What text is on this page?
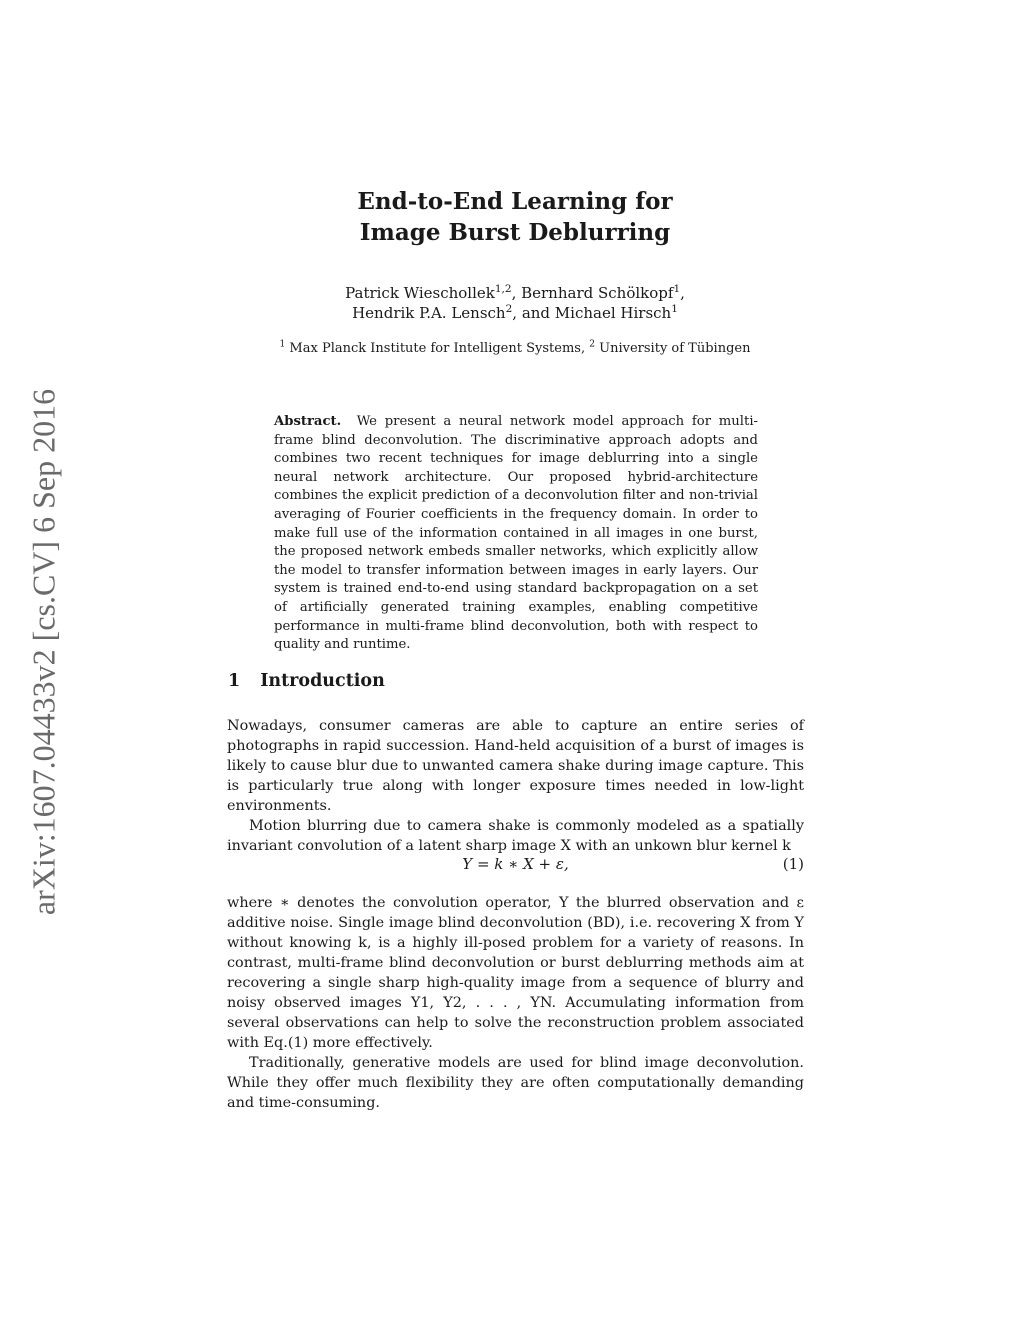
arXiv:1607.04433v2 [cs.CV] 6 Sep 2016
End-to-End Learning for
Image Burst Deblurring
Patrick Wieschollek$^{1,2}$, Bernhard Schölkopf$^1$,
Hendrik P.A. Lensch$^2$, and Michael Hirsch$^1$
$^1$ Max Planck Institute for Intelligent Systems, $^2$ University of Tübingen
Abstract. We present a neural network model approach for multi-frame blind deconvolution. The discriminative approach adopts and combines two recent techniques for image deblurring into a single neural network architecture. Our proposed hybrid-architecture combines the explicit prediction of a deconvolution filter and non-trivial averaging of Fourier coefficients in the frequency domain. In order to make full use of the information contained in all images in one burst, the proposed network embeds smaller networks, which explicitly allow the model to transfer information between images in early layers. Our system is trained end-to-end using standard backpropagation on a set of artificially generated training examples, enabling competitive performance in multi-frame blind deconvolution, both with respect to quality and runtime.
1 Introduction

Nowadays, consumer cameras are able to capture an entire series of photographs in rapid succession. Hand-held acquisition of a burst of images is likely to cause blur due to unwanted camera shake during image capture. This is particularly true along with longer exposure times needed in low-light environments.

Motion blurring due to camera shake is commonly modeled as a spatially invariant convolution of a latent sharp image X with an unkown blur kernel k

Y = k ∗ X + ε,	(1)

where ∗ denotes the convolution operator, Y the blurred observation and ε additive noise. Single image blind deconvolution (BD), i.e. recovering X from Y without knowing k, is a highly ill-posed problem for a variety of reasons. In contrast, multi-frame blind deconvolution or burst deblurring methods aim at recovering a single sharp high-quality image from a sequence of blurry and noisy observed images Y1, Y2, . . . , YN. Accumulating information from several observations can help to solve the reconstruction problem associated with Eq.(1) more effectively.

Traditionally, generative models are used for blind image deconvolution. While they offer much flexibility they are often computationally demanding and time-consuming.
